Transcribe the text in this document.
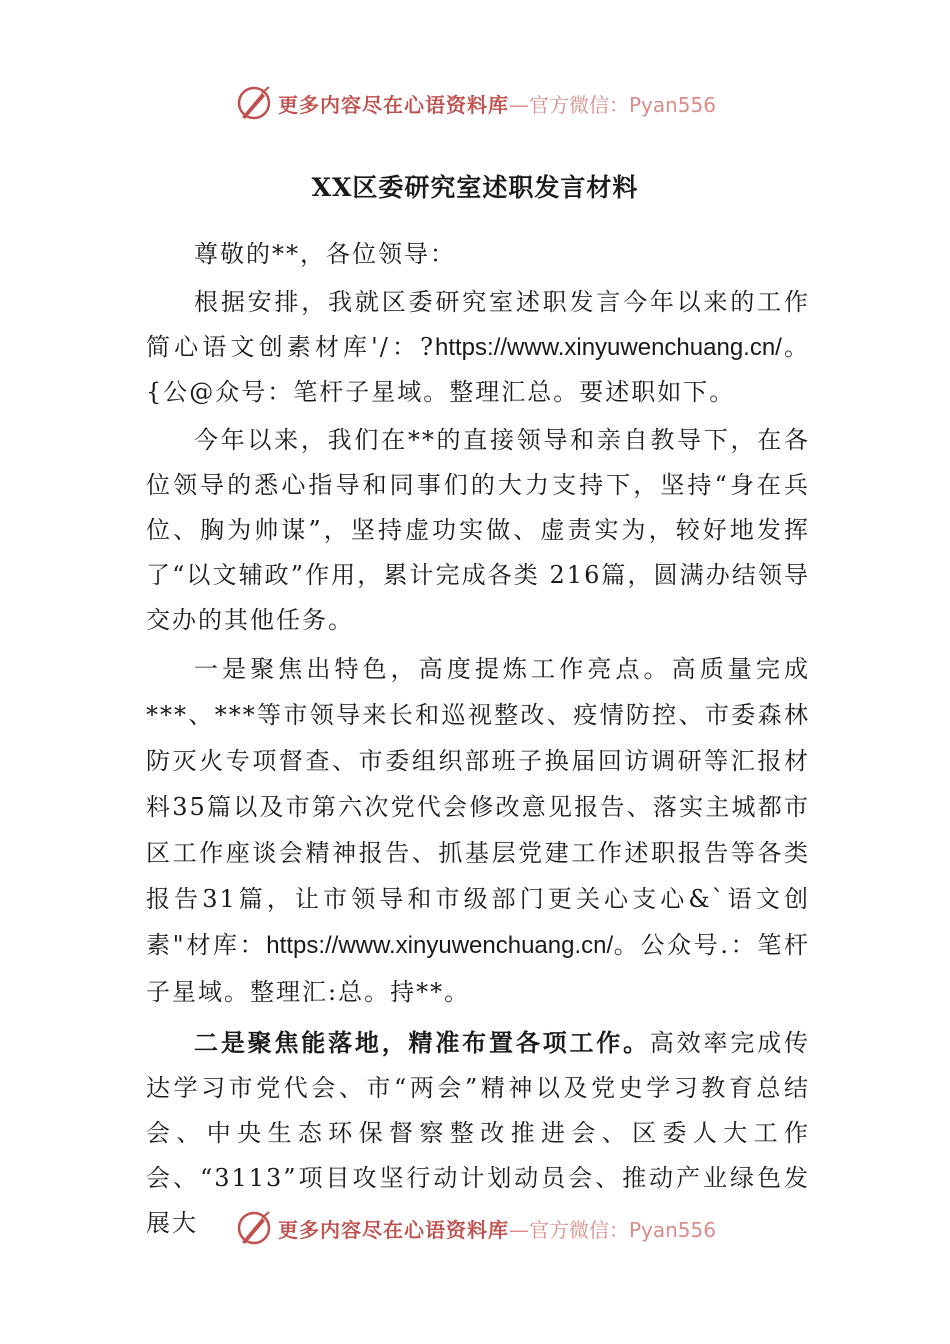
更多内容尽在心语资料库 —官方微信：Pyan556
XX区委研究室述职发言材料

尊敬的**，各位领导：

根据安排，我就区委研究室述职发言今年以来的工作简心语文创素材库'/：?https://www.xinyuwenchuang.cn/。{公@众号：笔杆子星域。整理汇总。要述职如下。

今年以来，我们在**的直接领导和亲自教导下，在各位领导的悉心指导和同事们的大力支持下，坚持“身在兵位、胸为帅谋”，坚持虚功实做、虚责实为，较好地发挥了“以文辅政”作用，累计完成各类 216篇，圆满办结领导交办的其他任务。

一是聚焦出特色，高度提炼工作亮点。高质量完成***、***等市领导来长和巡视整改、疫情防控、市委森林防灭火专项督查、市委组织部班子换届回访调研等汇报材料35篇以及市第六次党代会修改意见报告、落实主城都市区工作座谈会精神报告、抓基层党建工作述职报告等各类报告31篇，让市领导和市级部门更关心支心&`语文创素"材库：https://www.xinyuwenchuang.cn/。公众号.：笔杆子星域。整理汇:总。持**。

二是聚焦能落地，精准布置各项工作。高效率完成传达学习市党代会、市“两会”精神以及党史学习教育总结会、中央生态环保督察整改推进会、区委人大工作会、“3113”项目攻坚行动计划动员会、推动产业绿色发展大	更多内容尽在心语资料库 —官方微信：Pyan556
